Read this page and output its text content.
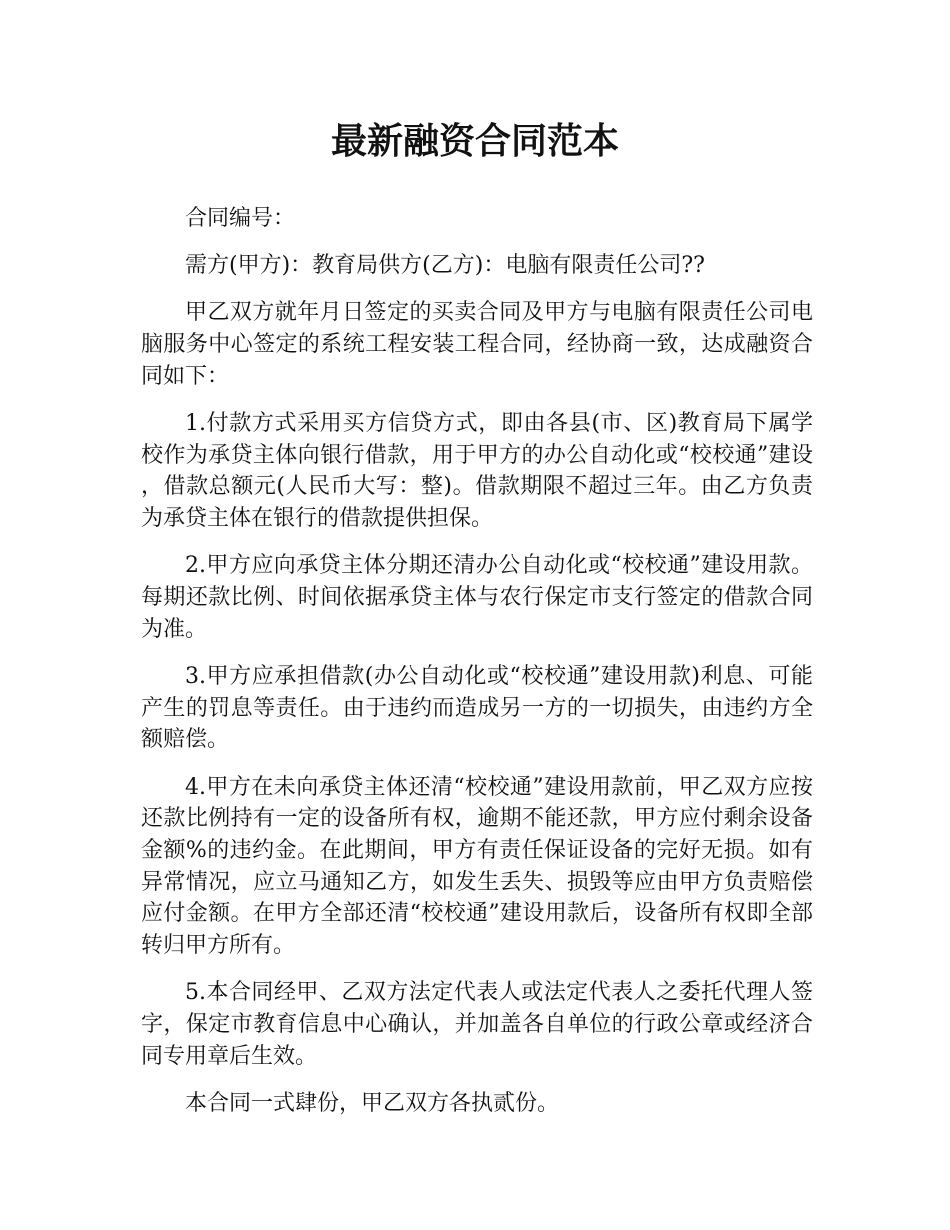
最新融资合同范本

合同编号：

需方(甲方)：教育局供方(乙方)：电脑有限责任公司??

甲乙双方就年月日签定的买卖合同及甲方与电脑有限责任公司电脑服务中心签定的系统工程安装工程合同，经协商一致，达成融资合同如下：

1.付款方式采用买方信贷方式，即由各县(市、区)教育局下属学校作为承贷主体向银行借款，用于甲方的办公自动化或“校校通”建设，借款总额元(人民币大写：整)。借款期限不超过三年。由乙方负责为承贷主体在银行的借款提供担保。

2.甲方应向承贷主体分期还清办公自动化或“校校通”建设用款。每期还款比例、时间依据承贷主体与农行保定市支行签定的借款合同为准。

3.甲方应承担借款(办公自动化或“校校通”建设用款)利息、可能产生的罚息等责任。由于违约而造成另一方的一切损失，由违约方全额赔偿。

4.甲方在未向承贷主体还清“校校通”建设用款前，甲乙双方应按还款比例持有一定的设备所有权，逾期不能还款，甲方应付剩余设备金额%的违约金。在此期间，甲方有责任保证设备的完好无损。如有异常情况，应立马通知乙方，如发生丢失、损毁等应由甲方负责赔偿应付金额。在甲方全部还清“校校通”建设用款后，设备所有权即全部转归甲方所有。

5.本合同经甲、乙双方法定代表人或法定代表人之委托代理人签字，保定市教育信息中心确认，并加盖各自单位的行政公章或经济合同专用章后生效。

本合同一式肆份，甲乙双方各执贰份。
